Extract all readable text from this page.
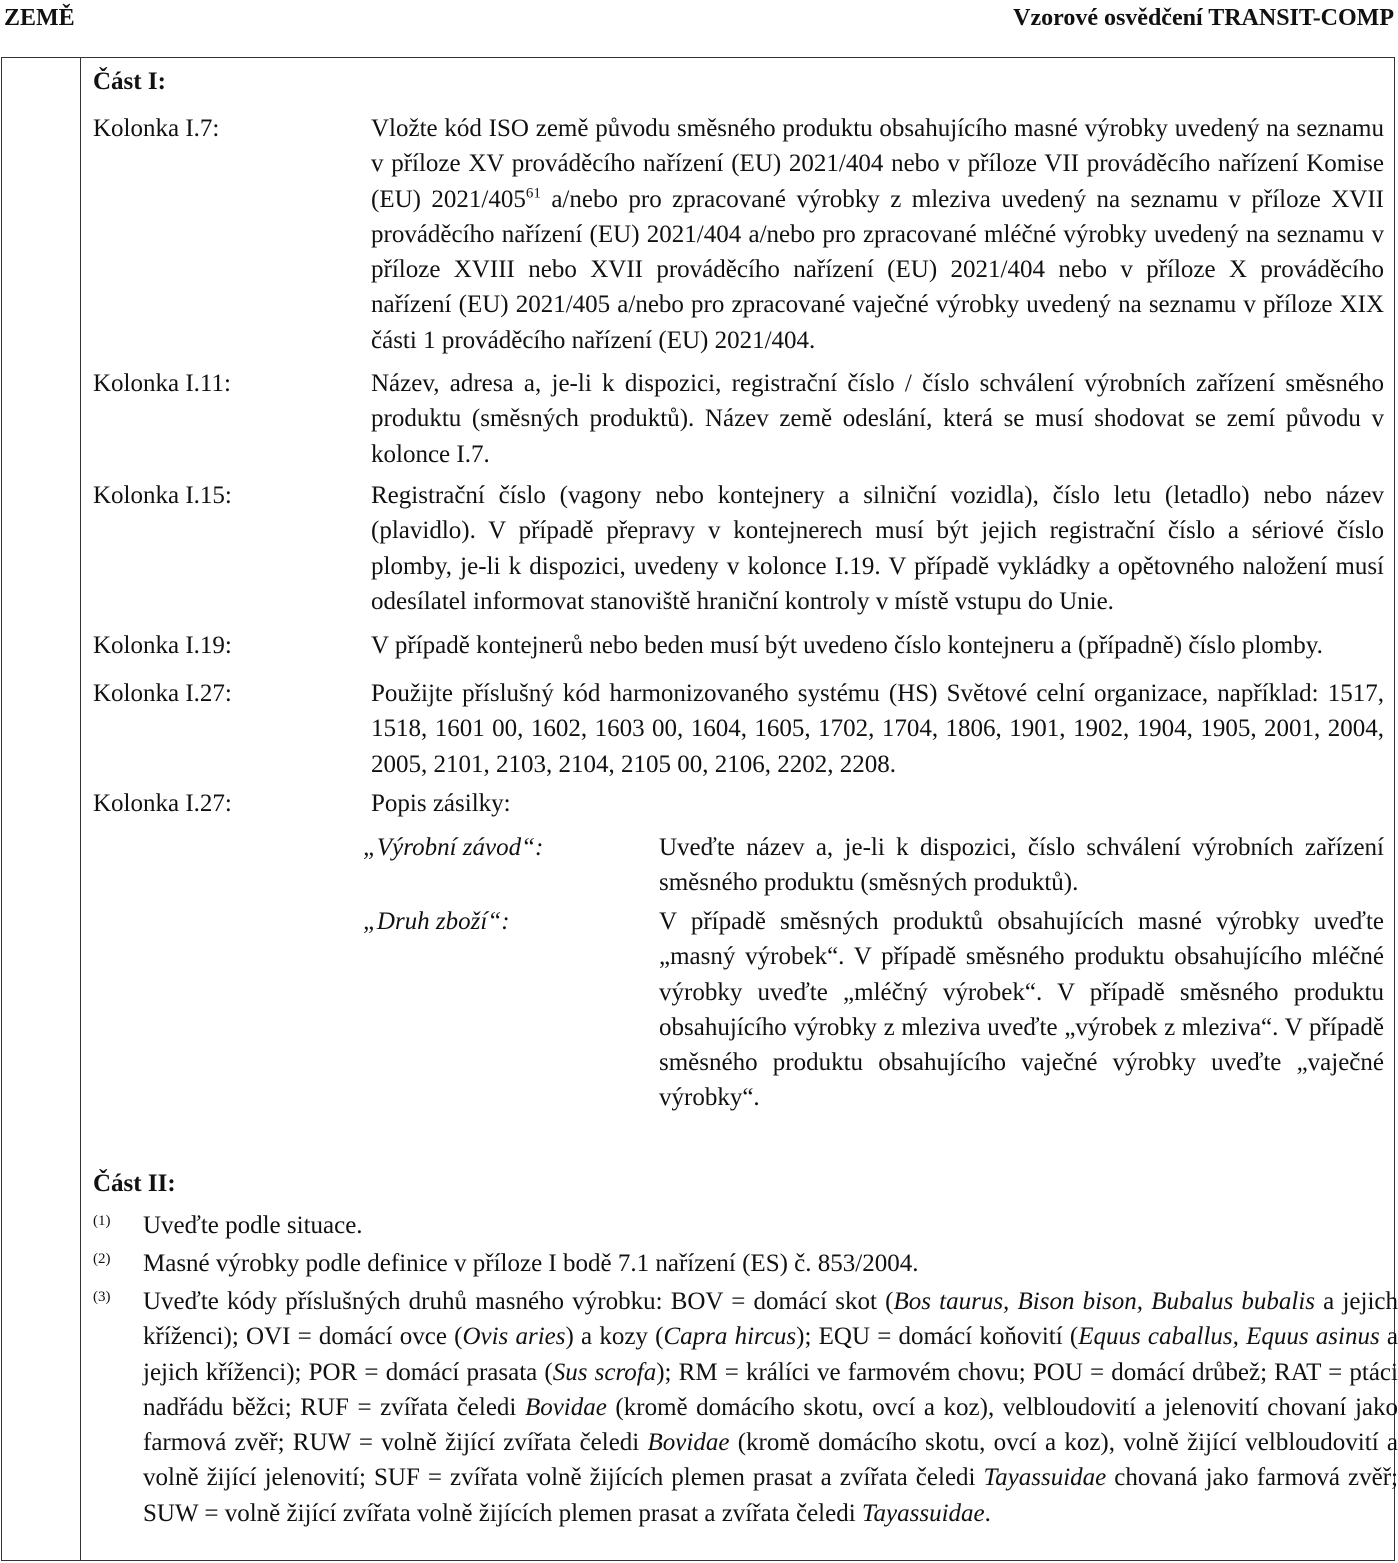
ZEMĚ	Vzorové osvědčení TRANSIT-COMP
Část I:
Kolonka I.7:	Vložte kód ISO země původu směsného produktu obsahujícího masné výrobky uvedený na seznamu v příloze XV prováděcího nařízení (EU) 2021/404 nebo v příloze VII prováděcího nařízení Komise (EU) $2021/405^{61}$ a/nebo pro zpracované výrobky z mleziva uvedený na seznamu v příloze XVII prováděcího nařízení (EU) 2021/404 a/nebo pro zpracované mléčné výrobky uvedený na seznamu v příloze XVIII nebo XVII prováděcího nařízení (EU) 2021/404 nebo v příloze X prováděcího nařízení (EU) 2021/405 a/nebo pro zpracované vaječné výrobky uvedený na seznamu v příloze XIX části 1 prováděcího nařízení (EU) 2021/404.
Kolonka I.11:	Název, adresa a, je-li k dispozici, registrační číslo / číslo schválení výrobních zařízení směsného produktu (směsných produktů). Název země odeslání, která se musí shodovat se zemí původu v kolonce I.7.
Kolonka I.15:	Registrační číslo (vagony nebo kontejnery a silniční vozidla), číslo letu (letadlo) nebo název (plavidlo). V případě přepravy v kontejnerech musí být jejich registrační číslo a sériové číslo plomby, je-li k dispozici, uvedeny v kolonce I.19. V případě vykládky a opětovného naložení musí odesílatel informovat stanoviště hraniční kontroly v místě vstupu do Unie.
Kolonka I.19:	V případě kontejnerů nebo beden musí být uvedeno číslo kontejneru a (případně) číslo plomby.
Kolonka I.27:	Použijte příslušný kód harmonizovaného systému (HS) Světové celní organizace, například: 1517, 1518, 1601 00, 1602, 1603 00, 1604, 1605, 1702, 1704, 1806, 1901, 1902, 1904, 1905, 2001, 2004, 2005, 2101, 2103, 2104, 2105 00, 2106, 2202, 2208.
Kolonka I.27:	Popis zásilky:
„Výrobní závod“:	Uveďte název a, je-li k dispozici, číslo schválení výrobních zařízení směsného produktu (směsných produktů).
„Druh zboží“:	V případě směsných produktů obsahujících masné výrobky uveďte „masný výrobek“. V případě směsného produktu obsahujícího mléčné výrobky uveďte „mléčný výrobek“. V případě směsného produktu obsahujícího výrobky z mleziva uveďte „výrobek z mleziva“. V případě směsného produktu obsahujícího vaječné výrobky uveďte „vaječné výrobky“.
Část II:
(1) Uveďte podle situace.
(2) Masné výrobky podle definice v příloze I bodě 7.1 nařízení (ES) č. 853/2004.
(3) Uveďte kódy příslušných druhů masného výrobku: BOV = domácí skot (Bos taurus, Bison bison, Bubalus bubalis a jejich kříženci); OVI = domácí ovce (Ovis aries) a kozy (Capra hircus); EQU = domácí koňovití (Equus caballus, Equus asinus a jejich kříženci); POR = domácí prasata (Sus scrofa); RM = králíci ve farmovém chovu; POU = domácí drůbež; RAT = ptáci nadřádu běžci; RUF = zvířata čeledi Bovidae (kromě domácího skotu, ovcí a koz), velbloudovití a jelenovití chovaní jako farmová zvěř; RUW = volně žijící zvířata čeledi Bovidae (kromě domácího skotu, ovcí a koz), volně žijící velbloudovití a volně žijící jelenovití; SUF = zvířata volně žijících plemen prasat a zvířata čeledi Tayassuidae chovaná jako farmová zvěř; SUW = volně žijící zvířata volně žijících plemen prasat a zvířata čeledi Tayassuidae.
